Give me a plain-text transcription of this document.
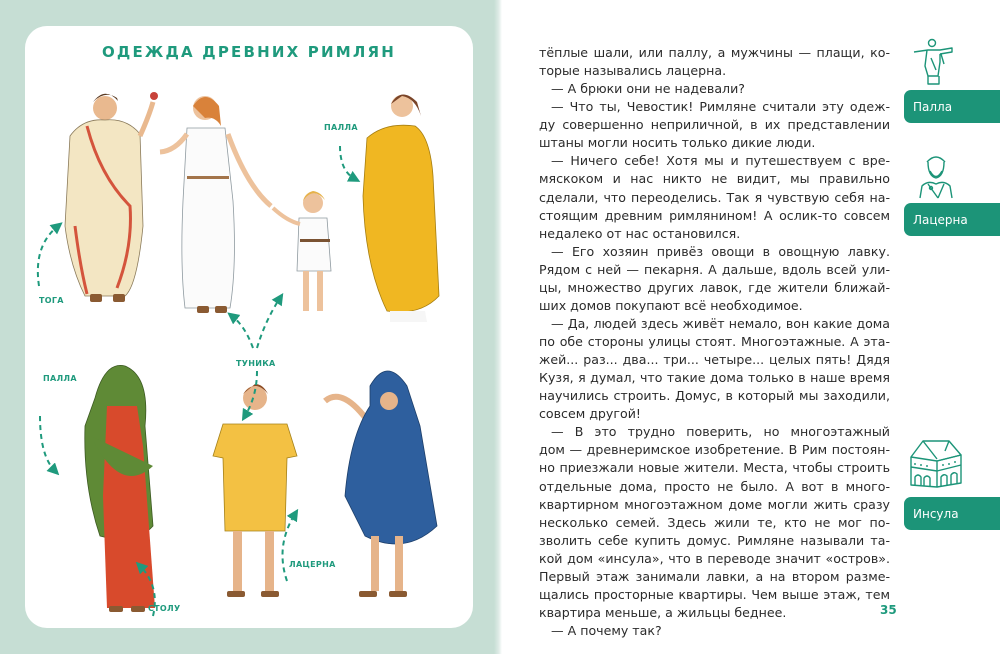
ОДЕЖДА ДРЕВНИХ РИМЛЯН
ТОГА
ТУНИКА
ПАЛЛА
ПАЛЛА
СТОЛУ
ЛАЦЕРНА
тёплые шали, или паллу, а мужчины — плащи, ко-
торые назывались лацерна.
— А брюки они не надевали?
— Что ты, Чевостик! Римляне считали эту одеж-
ду совершенно неприличной, в их представлении
штаны могли носить только дикие люди.
— Ничего себе! Хотя мы и путешествуем с вре-
мяскоком и нас никто не видит, мы правильно
сделали, что переоделись. Так я чувствую себя на-
стоящим древним римлянином! А ослик-то совсем
недалеко от нас остановился.
— Его хозяин привёз овощи в овощную лавку.
Рядом с ней — пекарня. А дальше, вдоль всей ули-
цы, множество других лавок, где жители ближай-
ших домов покупают всё необходимое.
— Да, людей здесь живёт немало, вон какие дома
по обе стороны улицы стоят. Многоэтажные. А эта-
жей... раз... два... три... четыре... целых пять! Дядя
Кузя, я думал, что такие дома только в наше время
научились строить. Домус, в который мы заходили,
совсем другой!
— В это трудно поверить, но многоэтажный
дом — древнеримское изобретение. В Рим постоян-
но приезжали новые жители. Места, чтобы строить
отдельные дома, просто не было. А вот в много-
квартирном многоэтажном доме могли жить сразу
несколько семей. Здесь жили те, кто не мог по-
зволить себе купить домус. Римляне называли та-
кой дом «инсула», что в переводе значит «остров».
Первый этаж занимали лавки, а на втором разме-
щались просторные квартиры. Чем выше этаж, тем
квартира меньше, а жильцы беднее.
— А почему так?
35
Палла
Лацерна
Инсула
